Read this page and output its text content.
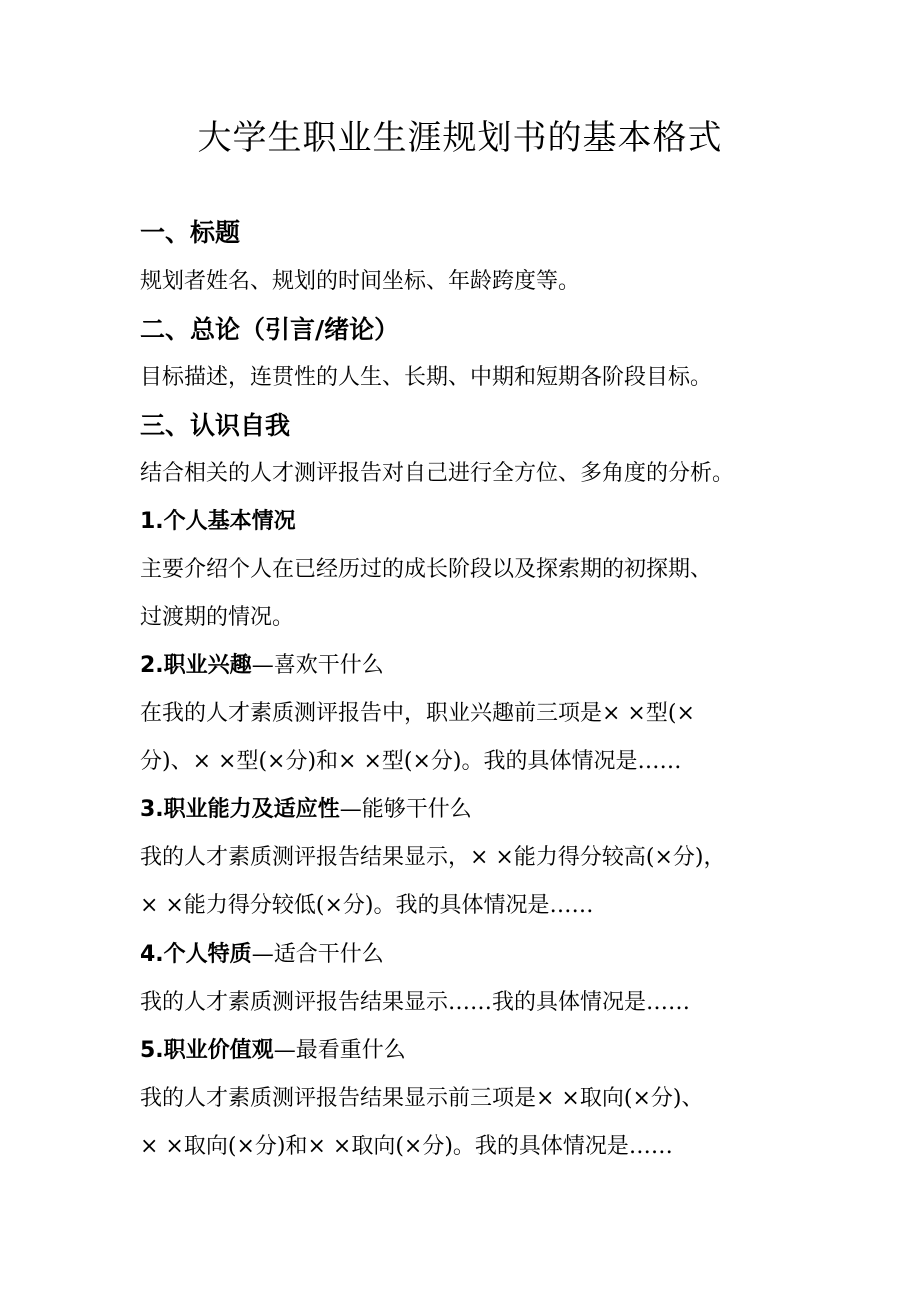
大学生职业生涯规划书的基本格式
一、标题
规划者姓名、规划的时间坐标、年龄跨度等。
二、总论（引言/绪论）
目标描述，连贯性的人生、长期、中期和短期各阶段目标。
三、认识自我
结合相关的人才测评报告对自己进行全方位、多角度的分析。
1.个人基本情况
主要介绍个人在已经历过的成长阶段以及探索期的初探期、
过渡期的情况。
2.职业兴趣—喜欢干什么
在我的人才素质测评报告中，职业兴趣前三项是× ×型(×
分)、× ×型(×分)和× ×型(×分)。我的具体情况是……
3.职业能力及适应性—能够干什么
我的人才素质测评报告结果显示，× ×能力得分较高(×分)，
× ×能力得分较低(×分)。我的具体情况是……
4.个人特质—适合干什么
我的人才素质测评报告结果显示……我的具体情况是……
5.职业价值观—最看重什么
我的人才素质测评报告结果显示前三项是× ×取向(×分)、
× ×取向(×分)和× ×取向(×分)。我的具体情况是……
